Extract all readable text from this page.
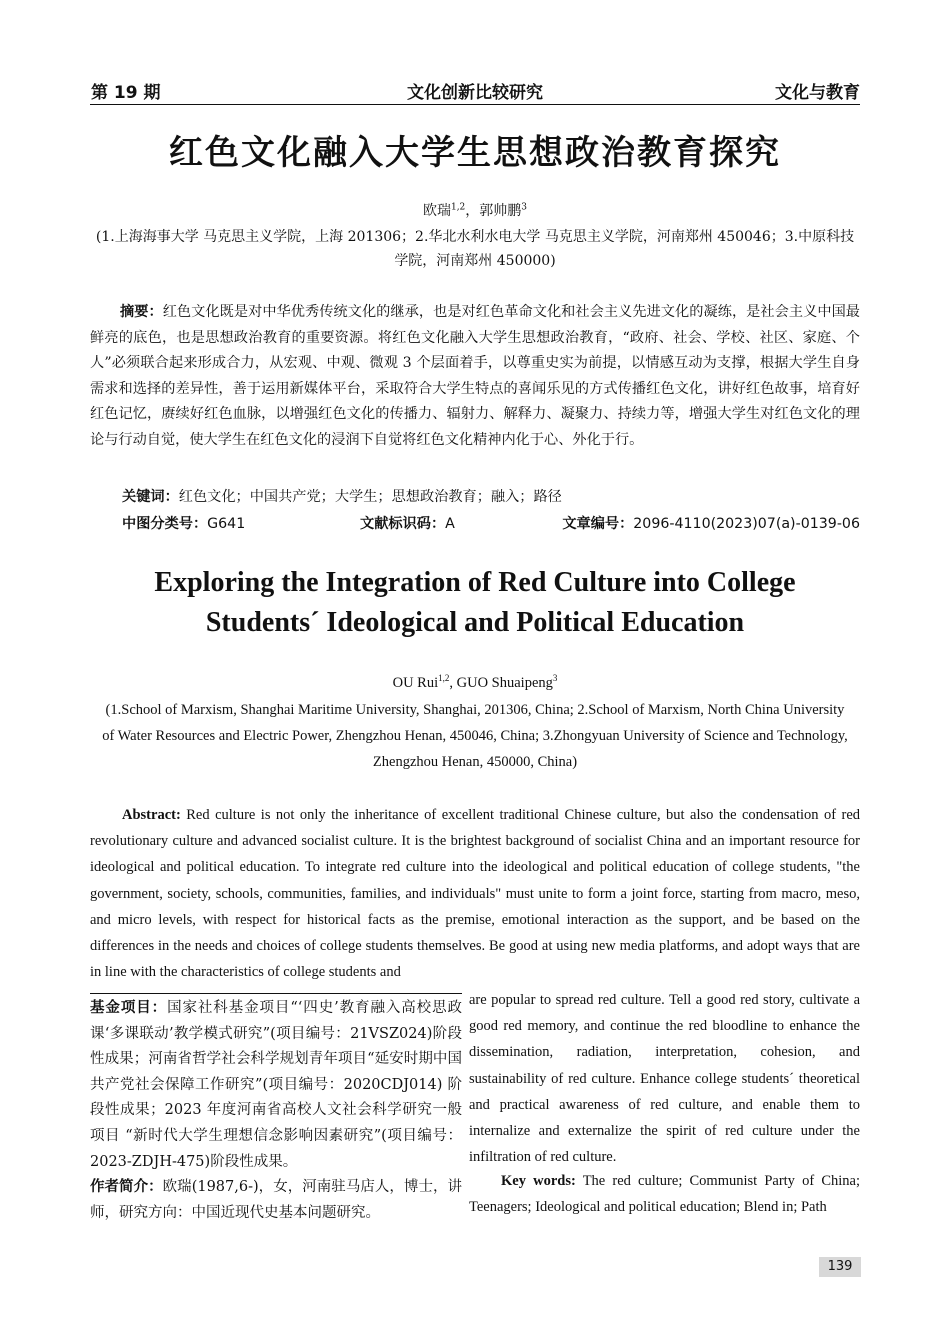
第 19 期	文化创新比较研究	文化与教育
红色文化融入大学生思想政治教育探究
欧瑞$^{1,2}$，郭帅鹏$^3$
(1.上海海事大学 马克思主义学院，上海 201306；2.华北水利水电大学 马克思主义学院，河南郑州 450046；3.中原科技学院，河南郑州 450000)
摘要：红色文化既是对中华优秀传统文化的继承，也是对红色革命文化和社会主义先进文化的凝练，是社会主义中国最鲜亮的底色，也是思想政治教育的重要资源。将红色文化融入大学生思想政治教育，“政府、社会、学校、社区、家庭、个人”必须联合起来形成合力，从宏观、中观、微观 3 个层面着手，以尊重史实为前提，以情感互动为支撑，根据大学生自身需求和选择的差异性，善于运用新媒体平台，采取符合大学生特点的喜闻乐见的方式传播红色文化，讲好红色故事，培育好红色记忆，赓续好红色血脉，以增强红色文化的传播力、辐射力、解释力、凝聚力、持续力等，增强大学生对红色文化的理论与行动自觉，使大学生在红色文化的浸润下自觉将红色文化精神内化于心、外化于行。
关键词：红色文化；中国共产党；大学生；思想政治教育；融入；路径
中图分类号：G641	文献标识码：A	文章编号：2096-4110(2023)07(a)-0139-06
Exploring the Integration of Red Culture into College
Students´ Ideological and Political Education
OU Rui$^{1,2}$, GUO Shuaipeng$^3$
(1.School of Marxism, Shanghai Maritime University, Shanghai, 201306, China; 2.School of Marxism, North China University of Water Resources and Electric Power, Zhengzhou Henan, 450046, China; 3.Zhongyuan University of Science and Technology, Zhengzhou Henan, 450000, China)
Abstract: Red culture is not only the inheritance of excellent traditional Chinese culture, but also the condensation of red revolutionary culture and advanced socialist culture. It is the brightest background of socialist China and an important resource for ideological and political education. To integrate red culture into the ideological and political education of college students, "the government, society, schools, communities, families, and individuals" must unite to form a joint force, starting from macro, meso, and micro levels, with respect for historical facts as the premise, emotional interaction as the support, and be based on the differences in the needs and choices of college students themselves. Be good at using new media platforms, and adopt ways that are in line with the characteristics of college students and
are popular to spread red culture. Tell a good red story, cultivate a good red memory, and continue the red bloodline to enhance the dissemination, radiation, interpretation, cohesion, and sustainability of red culture. Enhance college students´ theoretical and practical awareness of red culture, and enable them to internalize and externalize the spirit of red culture under the infiltration of red culture.
Key words: The red culture; Communist Party of China; Teenagers; Ideological and political education; Blend in; Path
基金项目：国家社科基金项目“‘四史’教育融入高校思政课‘多课联动’教学模式研究”(项目编号：21VSZ024)阶段性成果；河南省哲学社会科学规划青年项目“延安时期中国共产党社会保障工作研究”(项目编号：2020CDJ014) 阶段性成果；2023 年度河南省高校人文社会科学研究一般项目 “新时代大学生理想信念影响因素研究”(项目编号：2023-ZDJH-475)阶段性成果。
作者简介：欧瑞(1987,6-)，女，河南驻马店人，博士，讲师，研究方向：中国近现代史基本问题研究。
139
